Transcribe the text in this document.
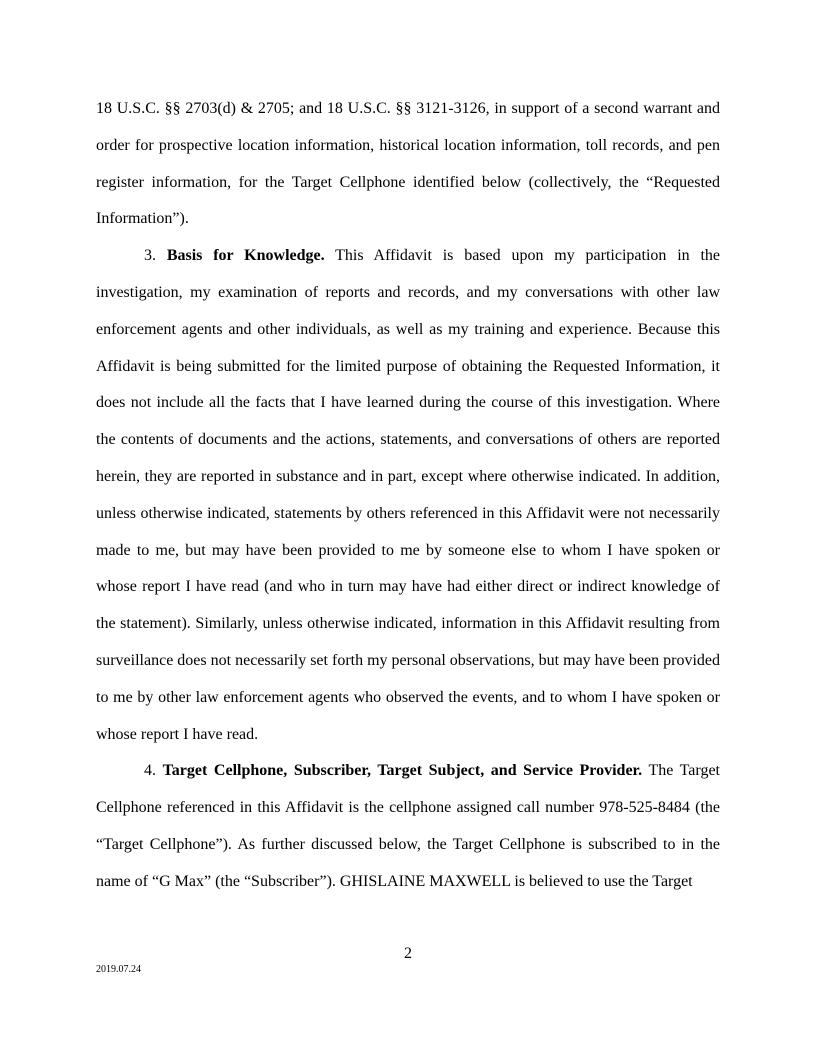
18 U.S.C. §§ 2703(d) & 2705; and 18 U.S.C. §§ 3121-3126, in support of a second warrant and order for prospective location information, historical location information, toll records, and pen register information, for the Target Cellphone identified below (collectively, the “Requested Information”).

3. Basis for Knowledge. This Affidavit is based upon my participation in the investigation, my examination of reports and records, and my conversations with other law enforcement agents and other individuals, as well as my training and experience. Because this Affidavit is being submitted for the limited purpose of obtaining the Requested Information, it does not include all the facts that I have learned during the course of this investigation. Where the contents of documents and the actions, statements, and conversations of others are reported herein, they are reported in substance and in part, except where otherwise indicated. In addition, unless otherwise indicated, statements by others referenced in this Affidavit were not necessarily made to me, but may have been provided to me by someone else to whom I have spoken or whose report I have read (and who in turn may have had either direct or indirect knowledge of the statement). Similarly, unless otherwise indicated, information in this Affidavit resulting from surveillance does not necessarily set forth my personal observations, but may have been provided to me by other law enforcement agents who observed the events, and to whom I have spoken or whose report I have read.

4. Target Cellphone, Subscriber, Target Subject, and Service Provider. The Target Cellphone referenced in this Affidavit is the cellphone assigned call number 978-525-8484 (the “Target Cellphone”). As further discussed below, the Target Cellphone is subscribed to in the name of “G Max” (the “Subscriber”). GHISLAINE MAXWELL is believed to use the Target

2
2019.07.24
